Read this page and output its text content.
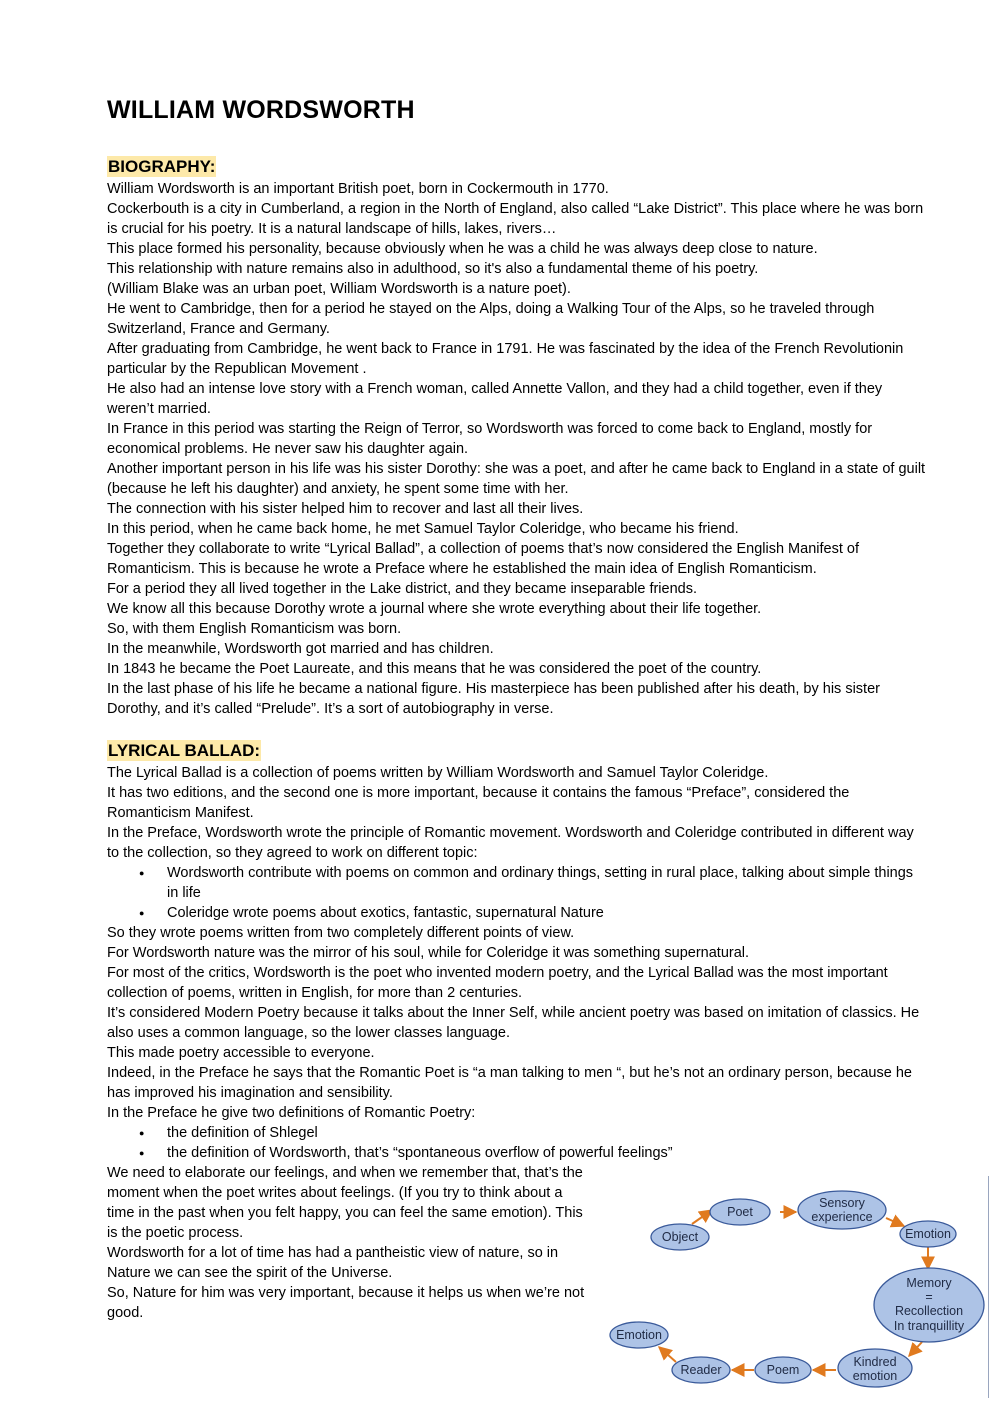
WILLIAM WORDSWORTH
BIOGRAPHY:

William Wordsworth is an important British poet, born in Cockermouth in 1770.

Cockerbouth is a city in Cumberland, a region in the North of England, also called “Lake District”. This place where he was born is crucial for his poetry. It is a natural landscape of hills, lakes, rivers…

This place formed his personality, because obviously when he was a child he was always deep close to nature.

This relationship with nature remains also in adulthood, so it's also a fundamental theme of his poetry.

(William Blake was an urban poet, William Wordsworth is a nature poet).

He went to Cambridge, then for a period he stayed on the Alps, doing a Walking Tour of the Alps, so he traveled through Switzerland, France and Germany.

After graduating from Cambridge, he went back to France in 1791. He was fascinated by the idea of the French Revolutionin particular by the Republican Movement .

He also had an intense love story with a French woman, called Annette Vallon, and they had a child together, even if they weren’t married.

In France in this period was starting the Reign of Terror, so Wordsworth was forced to come back to England, mostly for economical problems. He never saw his daughter again.

Another important person in his life was his sister Dorothy: she was a poet, and after he came back to England in a state of guilt (because he left his daughter) and anxiety, he spent some time with her.

The connection with his sister helped him to recover and last all their lives.

In this period, when he came back home, he met Samuel Taylor Coleridge, who became his friend.

Together they collaborate to write “Lyrical Ballad”, a collection of poems that’s now considered the English Manifest of Romanticism. This is because he wrote a Preface where he established the main idea of English Romanticism.

For a period they all lived together in the Lake district, and they became inseparable friends.

We know all this because Dorothy wrote a journal where she wrote everything about their life together.

So, with them English Romanticism was born.

In the meanwhile, Wordsworth got married and has children.

In 1843 he became the Poet Laureate, and this means that he was considered the poet of the country.

In the last phase of his life he became a national figure. His masterpiece has been published after his death, by his sister Dorothy, and it’s called “Prelude”. It’s a sort of autobiography in verse.

LYRICAL BALLAD:

The Lyrical Ballad is a collection of poems written by William Wordsworth and Samuel Taylor Coleridge.

It has two editions, and the second one is more important, because it contains the famous “Preface”, considered the Romanticism Manifest.

In the Preface, Wordsworth wrote the principle of Romantic movement. Wordsworth and Coleridge contributed in different way to the collection, so they agreed to work on different topic:

● Wordsworth contribute with poems on common and ordinary things, setting in rural place, talking about simple things in life
● Coleridge wrote poems about exotics, fantastic, supernatural Nature

So they wrote poems written from two completely different points of view.

For Wordsworth nature was the mirror of his soul, while for Coleridge it was something supernatural.

For most of the critics, Wordsworth is the poet who invented modern poetry, and the Lyrical Ballad was the most important collection of poems, written in English, for more than 2 centuries.

It’s considered Modern Poetry because it talks about the Inner Self, while ancient poetry was based on imitation of classics. He also uses a common language, so the lower classes language.

This made poetry accessible to everyone.

Indeed, in the Preface he says that the Romantic Poet is “a man talking to men “, but he’s not an ordinary person, because he has improved his imagination and sensibility.

In the Preface he give two definitions of Romantic Poetry:

● the definition of Shlegel
● the definition of Wordsworth, that’s “spontaneous overflow of powerful feelings”

We need to elaborate our feelings, and when we remember that, that’s the moment when the poet writes about feelings. (If you try to think about a time in the past when you felt happy, you can feel the same emotion). This is the poetic process.

Wordsworth for a lot of time has had a pantheistic view of nature, so in Nature we can see the spirit of the Universe.

So, Nature for him was very important, because it helps us when we’re not good.

Object
Poet
Sensory
experience
Emotion
Memory
=
Recollection
In tranquillity
Kindred
emotion
Poem
Reader
Emotion
